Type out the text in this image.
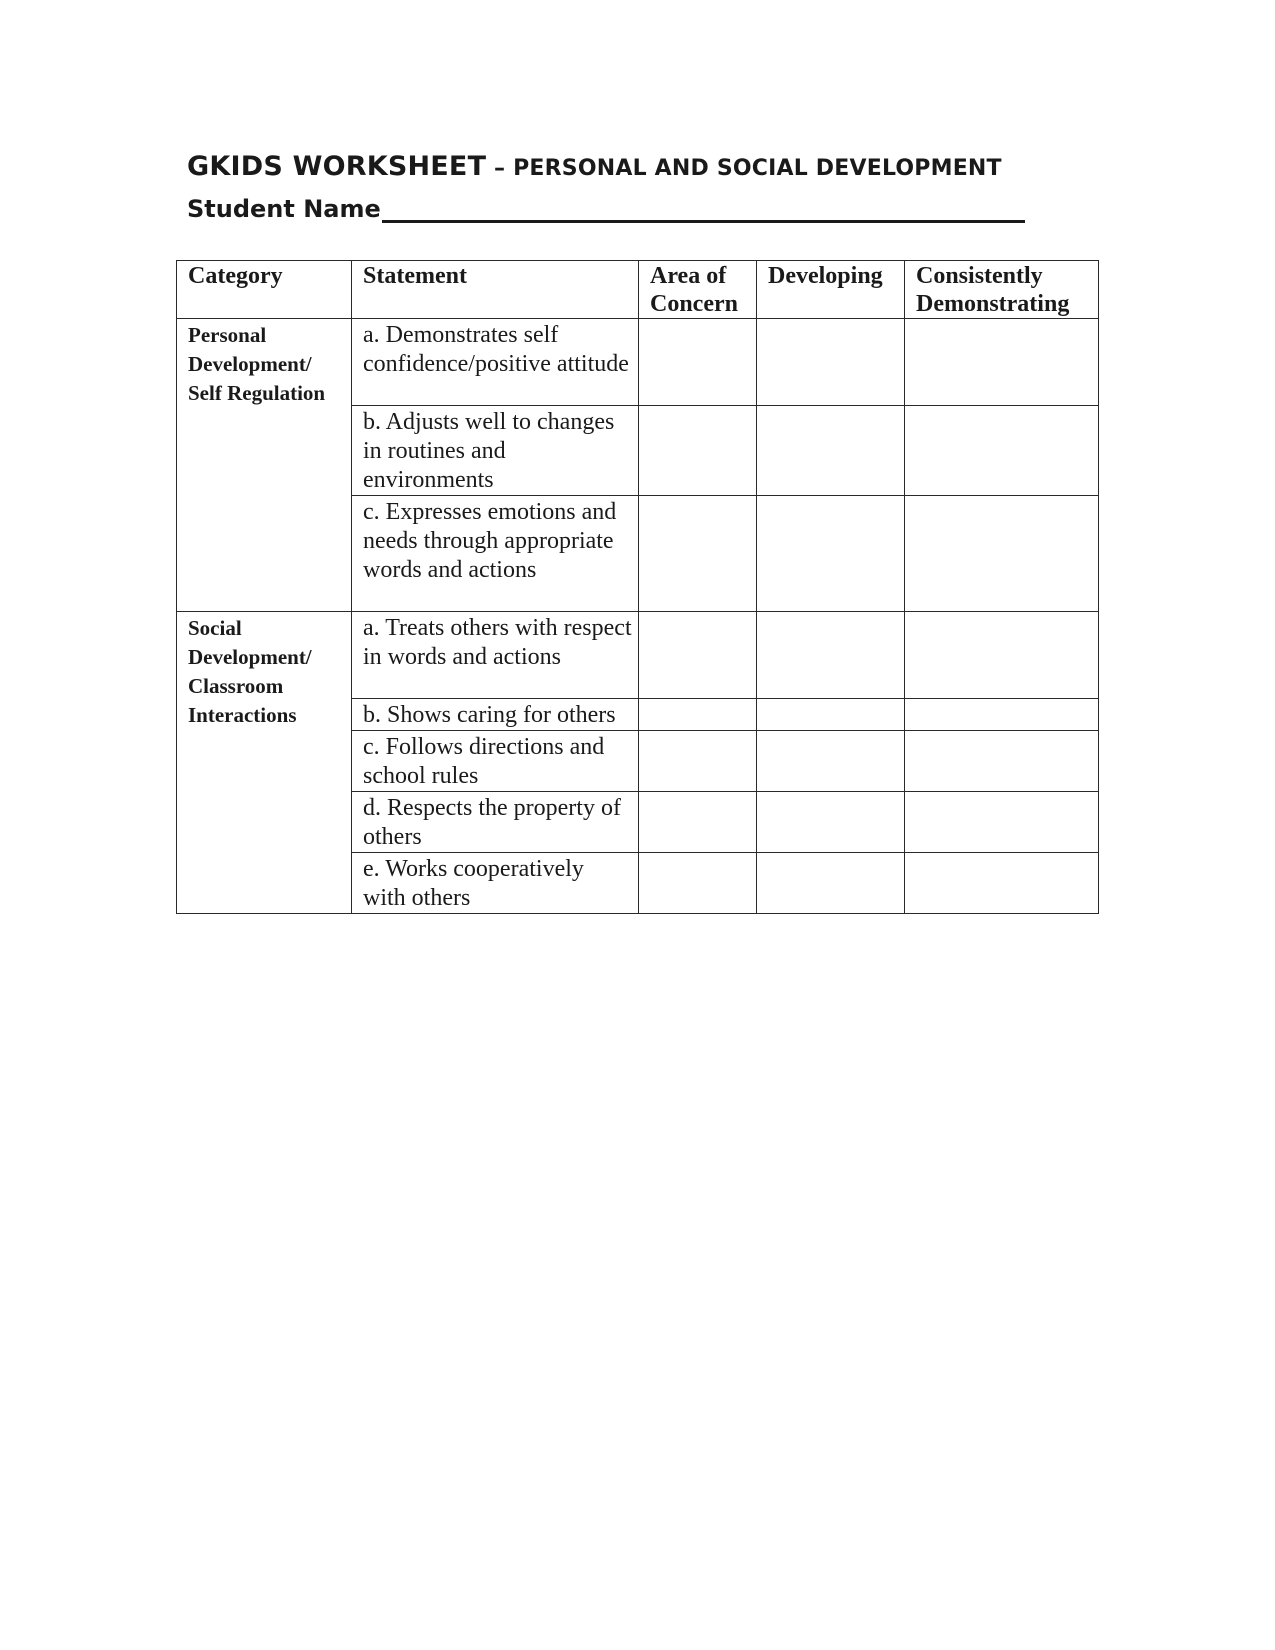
GKIDS WORKSHEET – PERSONAL AND SOCIAL DEVELOPMENT
Student Name
Category	Statement	Area of Concern	Developing	Consistently Demonstrating
Personal Development/ Self Regulation	a. Demonstrates self confidence/positive attitude			
	b. Adjusts well to changes in routines and environments			
	c. Expresses emotions and needs through appropriate words and actions			
Social Development/ Classroom Interactions	a. Treats others with respect in words and actions			
	b. Shows caring for others			
	c. Follows directions and school rules			
	d. Respects the property of others			
	e. Works cooperatively with others			
